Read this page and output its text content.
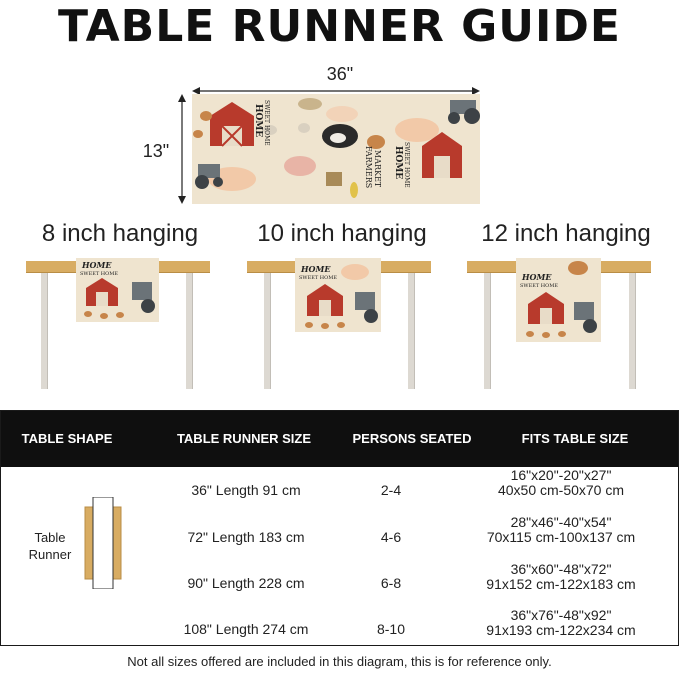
TABLE RUNNER GUIDE
36"
13"
HOME SWEET HOME
FARMERS MARKET HOME SWEET HOME
8 inch hanging	10 inch hanging	12 inch hanging
HOME
SWEET HOME	HOME
SWEET HOME	HOME
SWEET HOME
TABLE SHAPE	TABLE RUNNER SIZE	PERSONS SEATED	FITS TABLE SIZE
Table
Runner
36" Length 91 cm	2-4
16"x20"-20"x27"
40x50 cm-50x70 cm
72" Length 183 cm	4-6
28"x46"-40"x54"
70x115 cm-100x137 cm
90" Length 228 cm	6-8
36"x60"-48"x72"
91x152 cm-122x183 cm
108" Length 274 cm	8-10
36"x76"-48"x92"
91x193 cm-122x234 cm
Not all sizes offered are included in this diagram, this is for reference only.
